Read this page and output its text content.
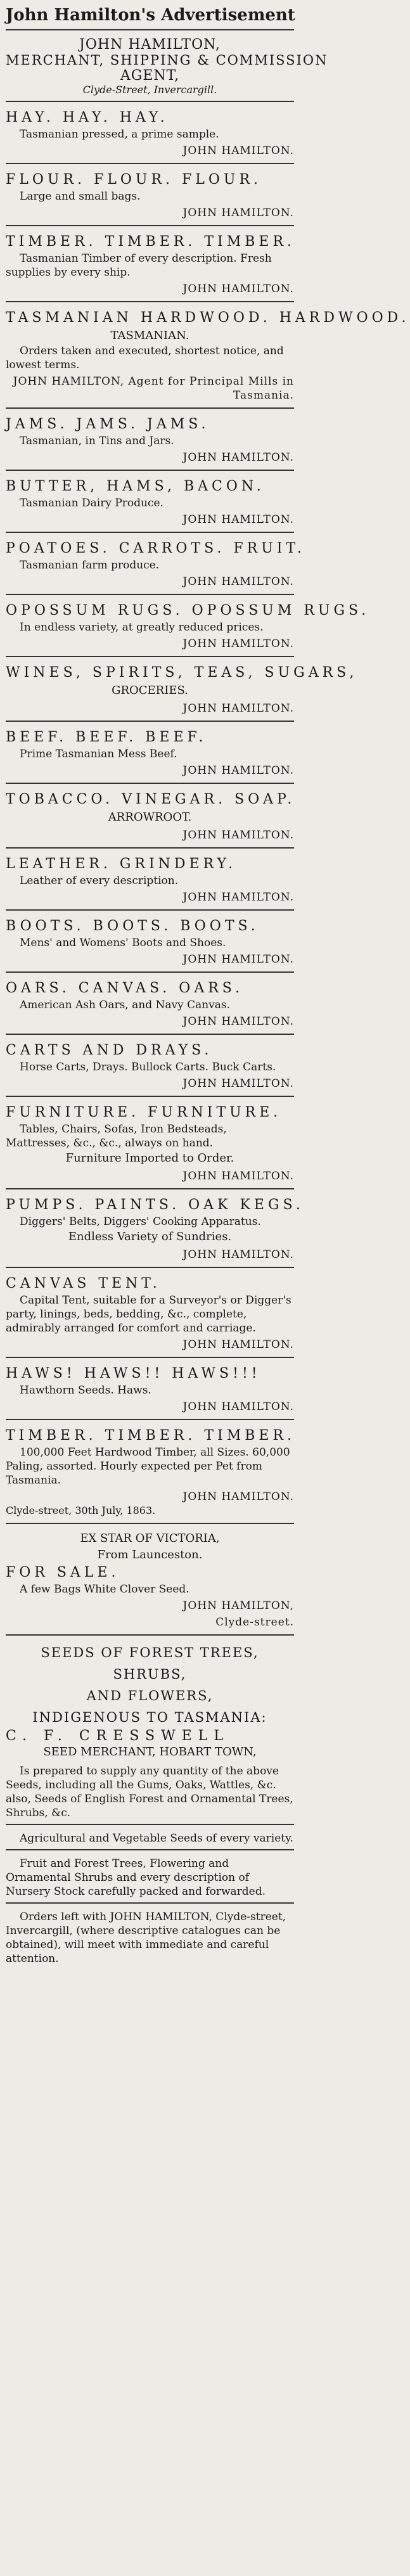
John Hamilton's Advertisement
JOHN HAMILTON,
MERCHANT, SHIPPING & COMMISSION
AGENT,
Clyde-Street, Invercargill.
HAY. HAY. HAY.
Tasmanian pressed, a prime sample.
JOHN HAMILTON.
FLOUR. FLOUR. FLOUR.
Large and small bags.
JOHN HAMILTON.
TIMBER. TIMBER. TIMBER.
Tasmanian Timber of every description. Fresh supplies by every ship.
JOHN HAMILTON.
TASMANIAN HARDWOOD. HARDWOOD.
TASMANIAN.
Orders taken and executed, shortest notice, and lowest terms.
JOHN HAMILTON, Agent for Principal Mills in Tasmania.
JAMS. JAMS. JAMS.
Tasmanian, in Tins and Jars.
JOHN HAMILTON.
BUTTER, HAMS, BACON.
Tasmanian Dairy Produce.
JOHN HAMILTON.
POATOES. CARROTS. FRUIT.
Tasmanian farm produce.
JOHN HAMILTON.
OPOSSUM RUGS. OPOSSUM RUGS.
In endless variety, at greatly reduced prices.
JOHN HAMILTON.
WINES, SPIRITS, TEAS, SUGARS,
GROCERIES.
JOHN HAMILTON.
BEEF. BEEF. BEEF.
Prime Tasmanian Mess Beef.
JOHN HAMILTON.
TOBACCO. VINEGAR. SOAP.
ARROWROOT.
JOHN HAMILTON.
LEATHER. GRINDERY.
Leather of every description.
JOHN HAMILTON.
BOOTS. BOOTS. BOOTS.
Mens' and Womens' Boots and Shoes.
JOHN HAMILTON.
OARS. CANVAS. OARS.
American Ash Oars, and Navy Canvas.
JOHN HAMILTON.
CARTS AND DRAYS.
Horse Carts, Drays. Bullock Carts. Buck Carts.
JOHN HAMILTON.
FURNITURE. FURNITURE.
Tables, Chairs, Sofas, Iron Bedsteads, Mattresses, &c., &c., always on hand.
Furniture Imported to Order.
JOHN HAMILTON.
PUMPS. PAINTS. OAK KEGS.
Diggers' Belts, Diggers' Cooking Apparatus.
Endless Variety of Sundries.
JOHN HAMILTON.
CANVAS TENT.
Capital Tent, suitable for a Surveyor's or Digger's party, linings, beds, bedding, &c., complete, admirably arranged for comfort and carriage.
JOHN HAMILTON.
HAWS! HAWS!! HAWS!!!
Hawthorn Seeds. Haws.
JOHN HAMILTON.
TIMBER. TIMBER. TIMBER.
100,000 Feet Hardwood Timber, all Sizes. 60,000 Paling, assorted. Hourly expected per Pet from Tasmania.
JOHN HAMILTON.
Clyde-street, 30th July, 1863.
EX STAR OF VICTORIA,
From Launceston.
FOR SALE.
A few Bags White Clover Seed.
JOHN HAMILTON,
Clyde-street.
SEEDS OF FOREST TREES, SHRUBS,
AND FLOWERS,
INDIGENOUS TO TASMANIA:
C. F. CRESSWELL
SEED MERCHANT, HOBART TOWN,
Is prepared to supply any quantity of the above Seeds, including all the Gums, Oaks, Wattles, &c. also, Seeds of English Forest and Ornamental Trees, Shrubs, &c.
Agricultural and Vegetable Seeds of every variety.
Fruit and Forest Trees, Flowering and Ornamental Shrubs and every description of Nursery Stock carefully packed and forwarded.
Orders left with JOHN HAMILTON, Clyde-street, Invercargill, (where descriptive catalogues can be obtained), will meet with immediate and careful attention.
